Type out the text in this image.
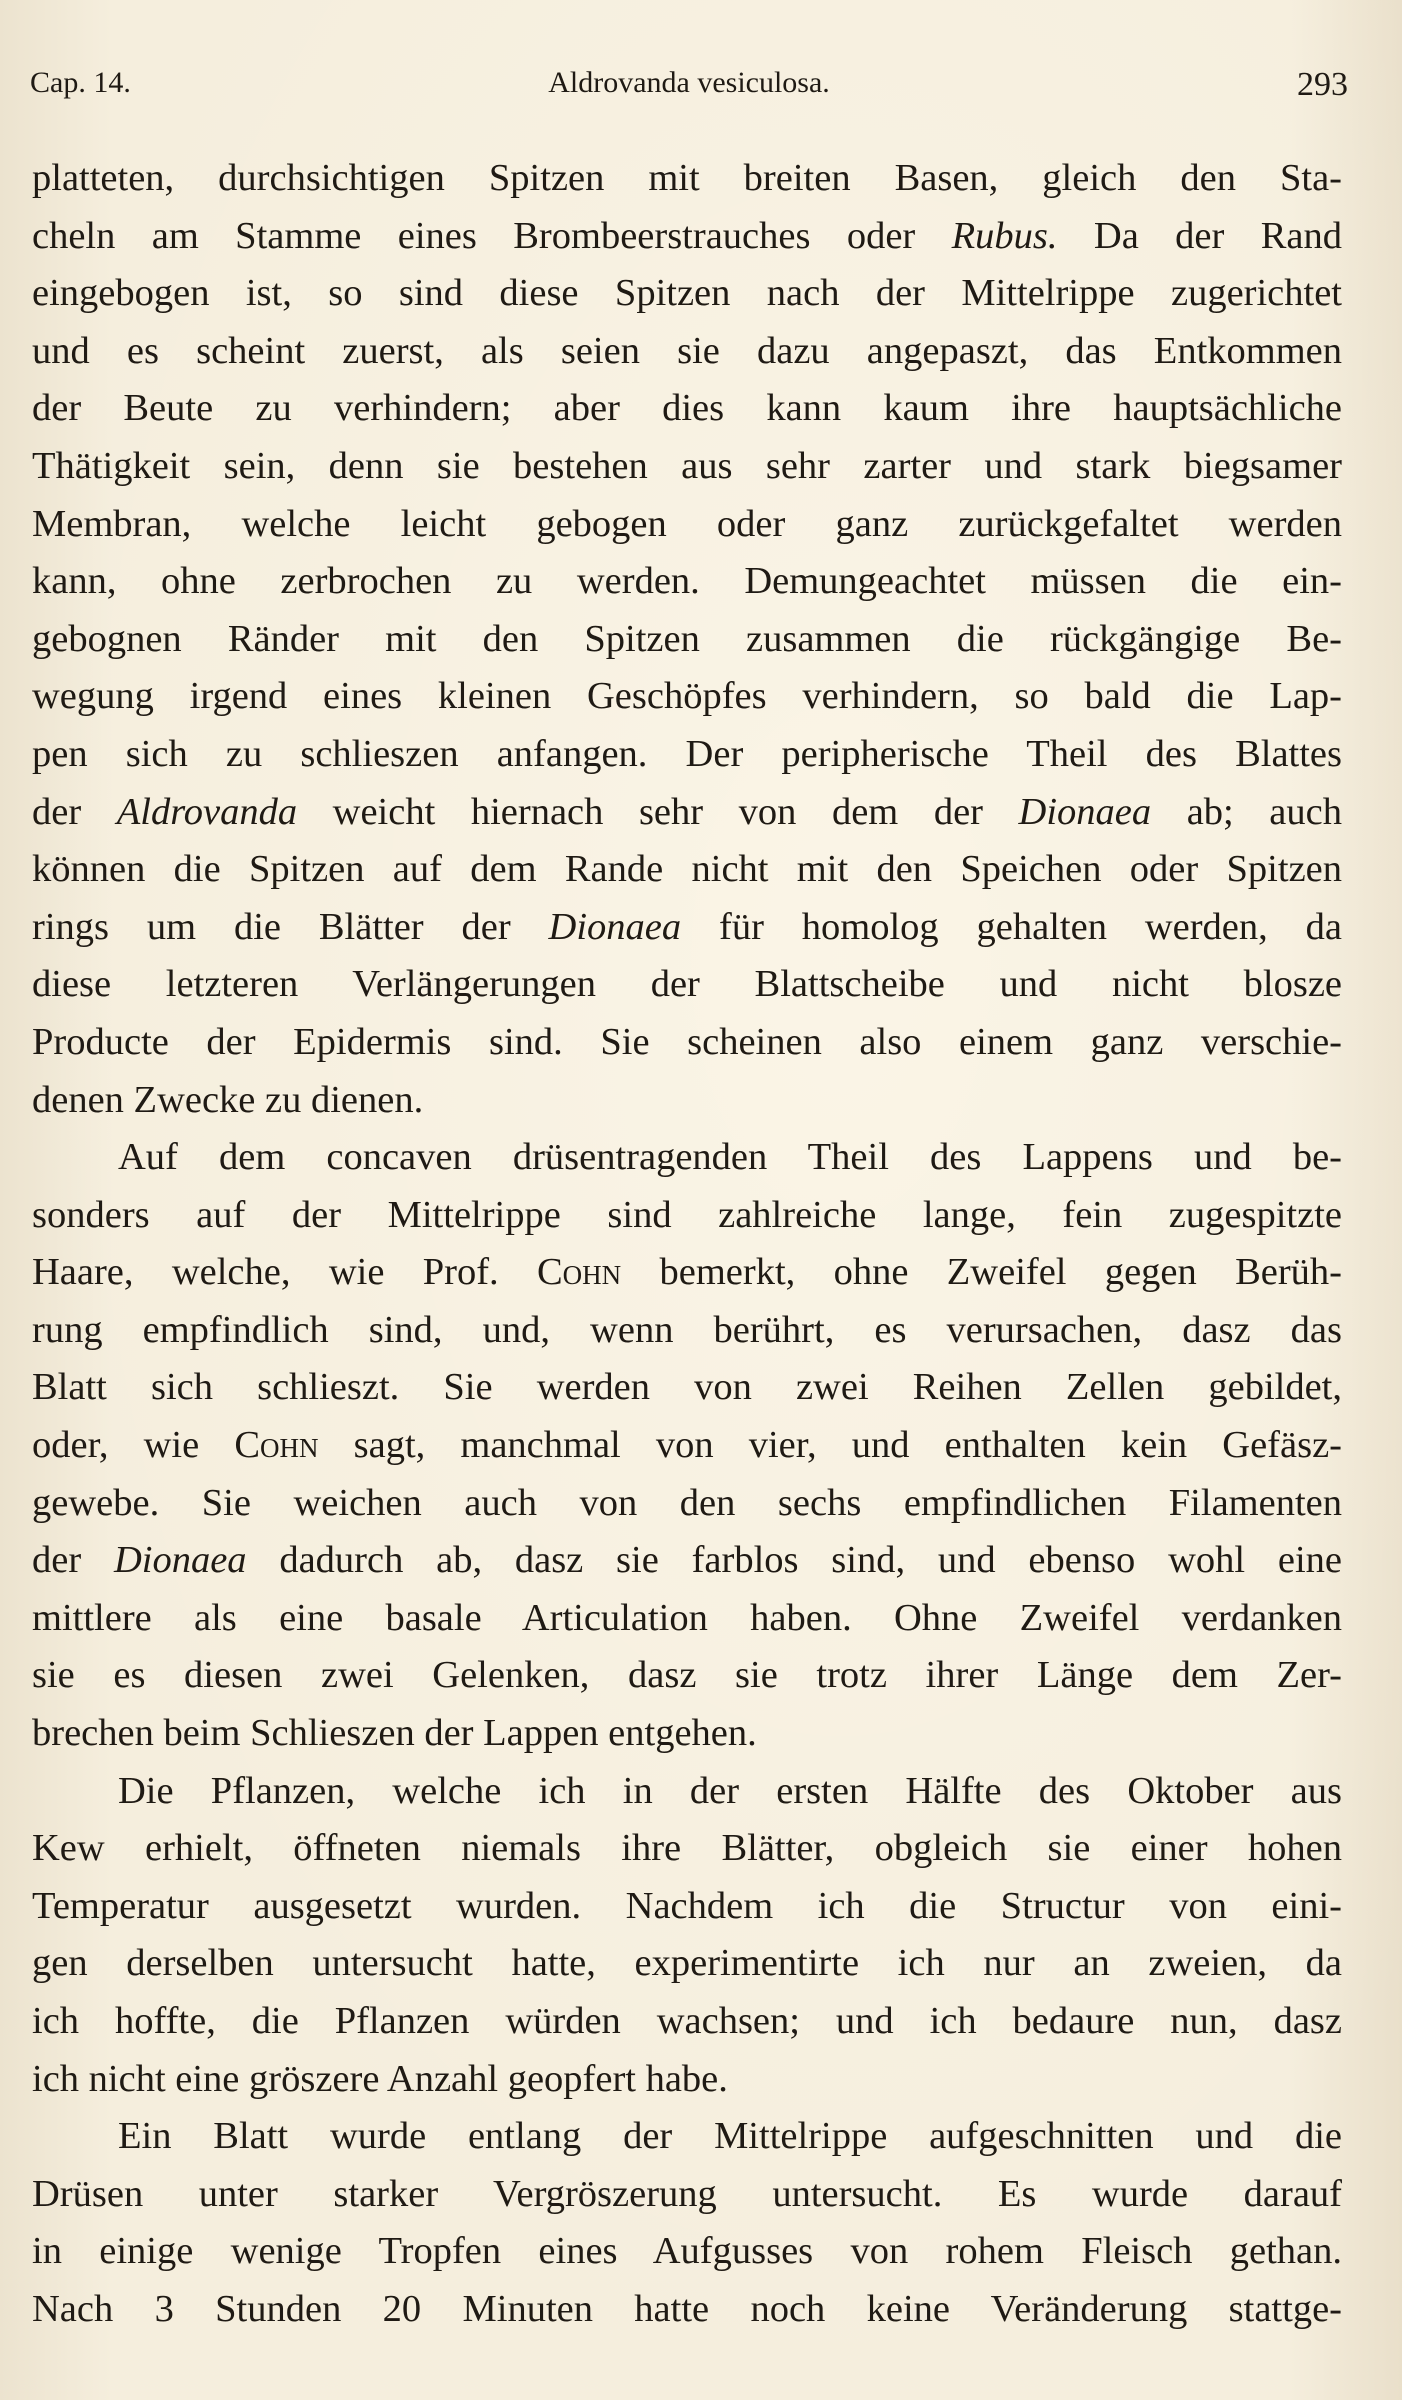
Cap. 14.	Aldrovanda vesiculosa.	293
platteten, durchsichtigen Spitzen mit breiten Basen, gleich den Sta-
cheln am Stamme eines Brombeerstrauches oder Rubus. Da der Rand
eingebogen ist, so sind diese Spitzen nach der Mittelrippe zugerichtet
und es scheint zuerst, als seien sie dazu angepaszt, das Entkommen
der Beute zu verhindern; aber dies kann kaum ihre hauptsächliche
Thätigkeit sein, denn sie bestehen aus sehr zarter und stark biegsamer
Membran, welche leicht gebogen oder ganz zurückgefaltet werden
kann, ohne zerbrochen zu werden. Demungeachtet müssen die ein-
gebognen Ränder mit den Spitzen zusammen die rückgängige Be-
wegung irgend eines kleinen Geschöpfes verhindern, so bald die Lap-
pen sich zu schlieszen anfangen. Der peripherische Theil des Blattes
der Aldrovanda weicht hiernach sehr von dem der Dionaea ab; auch
können die Spitzen auf dem Rande nicht mit den Speichen oder Spitzen
rings um die Blätter der Dionaea für homolog gehalten werden, da
diese letzteren Verlängerungen der Blattscheibe und nicht blosze
Producte der Epidermis sind. Sie scheinen also einem ganz verschie-
denen Zwecke zu dienen.
Auf dem concaven drüsentragenden Theil des Lappens und be-
sonders auf der Mittelrippe sind zahlreiche lange, fein zugespitzte
Haare, welche, wie Prof. Cohn bemerkt, ohne Zweifel gegen Berüh-
rung empfindlich sind, und, wenn berührt, es verursachen, dasz das
Blatt sich schlieszt. Sie werden von zwei Reihen Zellen gebildet,
oder, wie Cohn sagt, manchmal von vier, und enthalten kein Gefäsz-
gewebe. Sie weichen auch von den sechs empfindlichen Filamenten
der Dionaea dadurch ab, dasz sie farblos sind, und ebenso wohl eine
mittlere als eine basale Articulation haben. Ohne Zweifel verdanken
sie es diesen zwei Gelenken, dasz sie trotz ihrer Länge dem Zer-
brechen beim Schlieszen der Lappen entgehen.
Die Pflanzen, welche ich in der ersten Hälfte des Oktober aus
Kew erhielt, öffneten niemals ihre Blätter, obgleich sie einer hohen
Temperatur ausgesetzt wurden. Nachdem ich die Structur von eini-
gen derselben untersucht hatte, experimentirte ich nur an zweien, da
ich hoffte, die Pflanzen würden wachsen; und ich bedaure nun, dasz
ich nicht eine gröszere Anzahl geopfert habe.
Ein Blatt wurde entlang der Mittelrippe aufgeschnitten und die
Drüsen unter starker Vergröszerung untersucht. Es wurde darauf
in einige wenige Tropfen eines Aufgusses von rohem Fleisch gethan.
Nach 3 Stunden 20 Minuten hatte noch keine Veränderung stattge-
